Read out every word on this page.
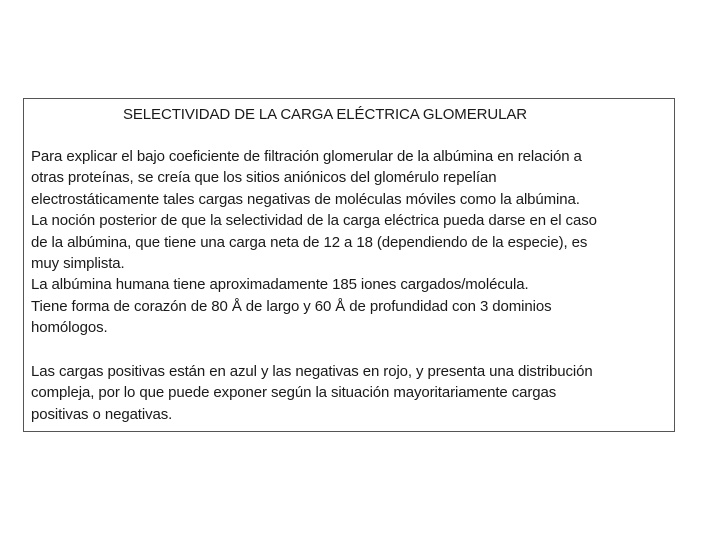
SELECTIVIDAD DE LA CARGA ELÉCTRICA GLOMERULAR

Para explicar el bajo coeficiente de filtración glomerular de la albúmina en relación a
otras proteínas, se creía que los sitios aniónicos del glomérulo repelían
electrostáticamente tales cargas negativas de moléculas móviles como la albúmina.
La noción posterior de que la selectividad de la carga eléctrica pueda darse en el caso
de la albúmina, que tiene una carga neta de 12 a 18 (dependiendo de la especie), es
muy simplista.
La albúmina humana tiene aproximadamente 185 iones cargados/molécula.
Tiene forma de corazón de 80 Å de largo y 60 Å de profundidad con 3 dominios
homólogos.

Las cargas positivas están en azul y las negativas en rojo, y presenta una distribución
compleja, por lo que puede exponer según la situación mayoritariamente cargas
positivas o negativas.
